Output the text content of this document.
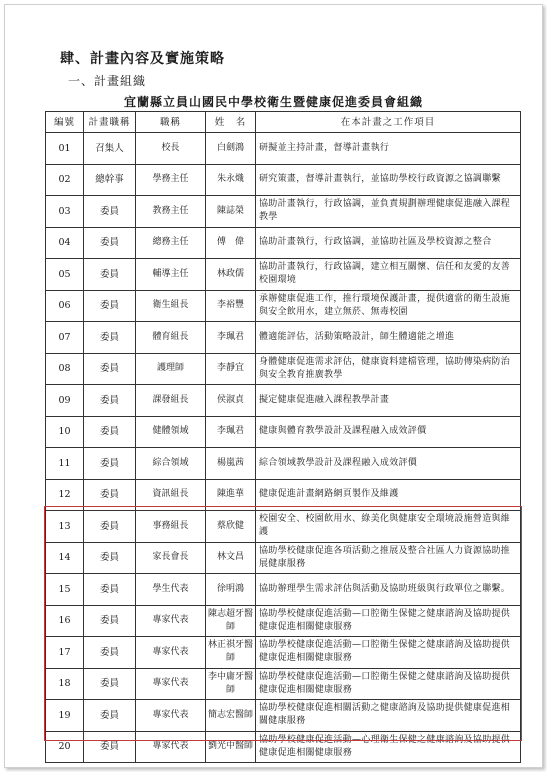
肆、計畫內容及實施策略
一、計畫組織
宜蘭縣立員山國民中學校衛生暨健康促進委員會組織
編號	計畫職稱	職稱	姓　名	在本計畫之工作項目
01	召集人	校長	白劍鴻	研擬並主持計畫，督導計畫執行
02	總幹事	學務主任	朱永熾	研究策畫，督導計畫執行，並協助學校行政資源之協調聯繫
03	委員	教務主任	陳誌榮	協助計畫執行，行政協調，並負責規劃辦理健康促進融入課程教學
04	委員	總務主任	傅　偉	協助計畫執行，行政協調，並協助社區及學校資源之整合
05	委員	輔導主任	林政儒	協助計畫執行，行政協調，建立相互關懷、信任和友愛的友善校園環境
06	委員	衛生組長	李裕豐	承辦健康促進工作，推行環境保護計畫，提供適當的衛生設施與安全飲用水，建立無菸、無毒校園
07	委員	體育組長	李珮君	體適能評估，活動策略設計，師生體適能之增進
08	委員	護理師	李靜宜	身體健康促進需求評估，健康資料建檔管理，協助傳染病防治與安全教育推廣教學
09	委員	課發組長	侯淑貞	擬定健康促進融入課程教學計畫
10	委員	健體領域	李珮君	健康與體育教學設計及課程融入成效評價
11	委員	綜合領域	楊嵐茜	綜合領域教學設計及課程融入成效評價
12	委員	資訊組長	陳進華	健康促進計畫網路網頁製作及維護
13	委員	事務組長	蔡欣健	校園安全、校園飲用水、綠美化與健康安全環境設施營造與維護
14	委員	家長會長	林文昌	協助學校健康促進各項活動之推展及整合社區人力資源協助推展健康服務
15	委員	學生代表	徐明鴻	協助辦理學生需求評估與活動及協助班級與行政單位之聯繫。
16	委員	專家代表	陳志超牙醫師	協助學校健康促進活動—口腔衛生保健之健康諮詢及協助提供健康促進相關健康服務
17	委員	專家代表	林正祺牙醫師	協助學校健康促進活動—口腔衛生保健之健康諮詢及協助提供健康促進相關健康服務
18	委員	專家代表	李中庸牙醫師	協助學校健康促進活動—口腔衛生保健之健康諮詢及協助提供健康促進相關健康服務
19	委員	專家代表	簡志宏醫師	協助學校健康促進相關活動之健康諮詢及協助提供健康促進相關健康服務
20	委員	專家代表	劉光中醫師	協助學校健康促進活動—心理衛生保健之健康諮詢及協助提供健康促進相關健康服務
